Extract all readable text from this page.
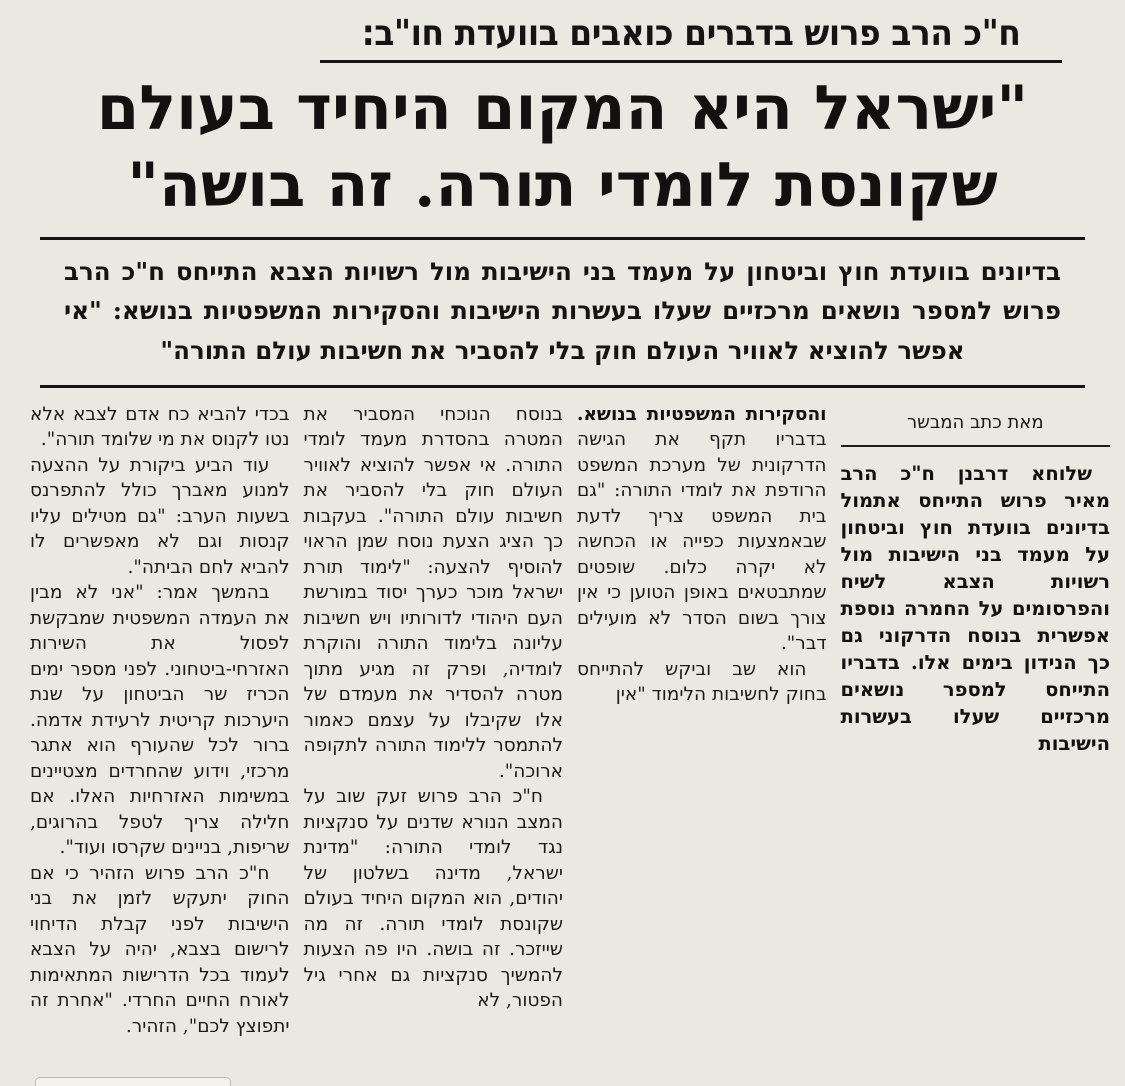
ח"כ הרב פרוש בדברים כואבים בוועדת חו"ב:
"ישראל היא המקום היחיד בעולם
שקונסת לומדי תורה. זה בושה"
בדיונים בוועדת חוץ וביטחון על מעמד בני הישיבות מול רשויות הצבא התייחס ח"כ הרב פרוש למספר נושאים מרכזיים שעלו בעשרות הישיבות והסקירות המשפטיות בנושא: "אי אפשר להוציא לאוויר העולם חוק בלי להסביר את חשיבות עולם התורה"
מאת כתב המבשר

שלוחא דרבנן ח"כ הרב מאיר פרוש התייחס אתמול בדיונים בוועדת חוץ וביטחון על מעמד בני הישיבות מול רשויות הצבא לשיח והפרסומים על החמרה נוספת אפשרית בנוסח הדרקוני גם כך הנידון בימים אלו. בדבריו התייחס למספר נושאים מרכזיים שעלו בעשרות הישיבות

והסקירות המשפטיות בנושא. בדבריו תקף את הגישה הדרקונית של מערכת המשפט הרודפת את לומדי התורה: "גם בית המשפט צריך לדעת שבאמצעות כפייה או הכחשה לא יקרה כלום. שופטים שמתבטאים באופן הטוען כי אין צורך בשום הסדר לא מועילים דבר".

הוא שב וביקש להתייחס בחוק לחשיבות הלימוד "אין

בנוסח הנוכחי המסביר את המטרה בהסדרת מעמד לומדי התורה. אי אפשר להוציא לאוויר העולם חוק בלי להסביר את חשיבות עולם התורה". בעקבות כך הציג הצעת נוסח שמן הראוי להוסיף להצעה: "לימוד תורת ישראל מוכר כערך יסוד במורשת העם היהודי לדורותיו ויש חשיבות עליונה בלימוד התורה והוקרת לומדיה, ופרק זה מגיע מתוך מטרה להסדיר את מעמדם של אלו שקיבלו על עצמם כאמור להתמסר ללימוד התורה לתקופה ארוכה".

ח"כ הרב פרוש זעק שוב על המצב הנורא שדנים על סנקציות נגד לומדי התורה: "מדינת ישראל, מדינה בשלטון של יהודים, הוא המקום היחיד בעולם שקונסת לומדי תורה. זה מה שייזכר. זה בושה. היו פה הצעות להמשיך סנקציות גם אחרי גיל הפטור, לא

בכדי להביא כח אדם לצבא אלא נטו לקנוס את מי שלומד תורה".

עוד הביע ביקורת על ההצעה למנוע מאברך כולל להתפרנס בשעות הערב: "גם מטילים עליו קנסות וגם לא מאפשרים לו להביא לחם הביתה".

בהמשך אמר: "אני לא מבין את העמדה המשפטית שמבקשת לפסול את השירות האזרחי-ביטחוני. לפני מספר ימים הכריז שר הביטחון על שנת היערכות קריטית לרעידת אדמה. ברור לכל שהעורף הוא אתגר מרכזי, וידוע שהחרדים מצטיינים במשימות האזרחיות האלו. אם חלילה צריך לטפל בהרוגים, שריפות, בניינים שקרסו ועוד".

ח"כ הרב פרוש הזהיר כי אם החוק יתעקש לזמן את בני הישיבות לפני קבלת הדיחוי לרישום בצבא, יהיה על הצבא לעמוד בכל הדרישות המתאימות לאורח החיים החרדי. "אחרת זה יתפוצץ לכם", הזהיר.
